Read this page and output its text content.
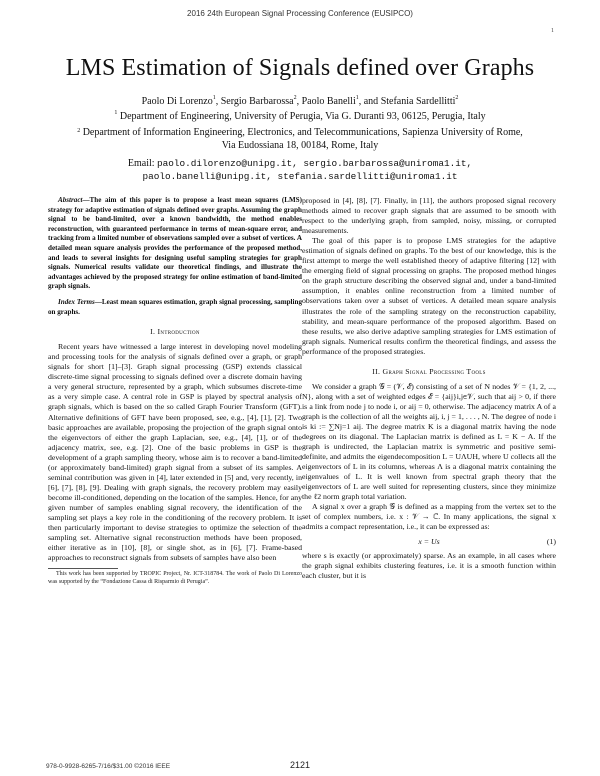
2016 24th European Signal Processing Conference (EUSIPCO)
1
LMS Estimation of Signals defined over Graphs
Paolo Di Lorenzo$^1$, Sergio Barbarossa$^2$, Paolo Banelli$^1$, and Stefania Sardellitti$^2$
$^1$ Department of Engineering, University of Perugia, Via G. Duranti 93, 06125, Perugia, Italy
$^2$ Department of Information Engineering, Electronics, and Telecommunications, Sapienza University of Rome,
Via Eudossiana 18, 00184, Rome, Italy
Email: paolo.dilorenzo@unipg.it, sergio.barbarossa@uniroma1.it,
paolo.banelli@unipg.it, stefania.sardellitti@uniroma1.it

Abstract—The aim of this paper is to propose a least mean squares (LMS) strategy for adaptive estimation of signals defined over graphs. Assuming the graph signal to be band-limited, over a known bandwidth, the method enables reconstruction, with guaranteed performance in terms of mean-square error, and tracking from a limited number of observations sampled over a subset of vertices. A detailed mean square analysis provides the performance of the proposed method, and leads to several insights for designing useful sampling strategies for graph signals. Numerical results validate our theoretical findings, and illustrate the advantages achieved by the proposed strategy for online estimation of band-limited graph signals.

Index Terms—Least mean squares estimation, graph signal processing, sampling on graphs.

I. Introduction

Recent years have witnessed a large interest in developing novel modeling and processing tools for the analysis of signals defined over a graph, or graph signals for short [1]–[3]. Graph signal processing (GSP) extends classical discrete-time signal processing to signals defined over a discrete domain having a very general structure, represented by a graph, which subsumes discrete-time as a very simple case. A central role in GSP is played by spectral analysis of graph signals, which is based on the so called Graph Fourier Transform (GFT). Alternative definitions of GFT have been proposed, see, e.g., [4], [1], [2]. Two basic approaches are available, proposing the projection of the graph signal onto the eigenvectors of either the graph Laplacian, see, e.g., [4], [1], or of the adjacency matrix, see, e.g. [2]. One of the basic problems in GSP is the development of a graph sampling theory, whose aim is to recover a band-limited (or approximately band-limited) graph signal from a subset of its samples. A seminal contribution was given in [4], later extended in [5] and, very recently, in [6], [7], [8], [9]. Dealing with graph signals, the recovery problem may easily become ill-conditioned, depending on the location of the samples. Hence, for any given number of samples enabling signal recovery, the identification of the sampling set plays a key role in the conditioning of the recovery problem. It is then particularly important to devise strategies to optimize the selection of the sampling set. Alternative signal reconstruction methods have been proposed, either iterative as in [10], [8], or single shot, as in [6], [7]. Frame-based approaches to reconstruct signals from subsets of samples have also been

This work has been supported by TROPIC Project, Nr. ICT-318784. The work of Paolo Di Lorenzo was supported by the “Fondazione Cassa di Risparmio di Perugia”.

proposed in [4], [8], [7]. Finally, in [11], the authors proposed signal recovery methods aimed to recover graph signals that are assumed to be smooth with respect to the underlying graph, from sampled, noisy, missing, or corrupted measurements.

The goal of this paper is to propose LMS strategies for the adaptive estimation of signals defined on graphs. To the best of our knowledge, this is the first attempt to merge the well established theory of adaptive filtering [12] with the emerging field of signal processing on graphs. The proposed method hinges on the graph structure describing the observed signal and, under a band-limited assumption, it enables online reconstruction from a limited number of observations taken over a subset of vertices. A detailed mean square analysis illustrates the role of the sampling strategy on the reconstruction capability, stability, and mean-square performance of the proposed algorithm. Based on these results, we also derive adaptive sampling strategies for LMS estimation of graph signals. Numerical results confirm the theoretical findings, and assess the performance of the proposed strategies.

II. Graph Signal Processing Tools

We consider a graph 𝒢 = (𝒱, ℰ) consisting of a set of N nodes 𝒱 = {1, 2, ..., N}, along with a set of weighted edges ℰ = {aij}i,j∈𝒱, such that aij > 0, if there is a link from node j to node i, or aij = 0, otherwise. The adjacency matrix A of a graph is the collection of all the weights aij, i, j = 1, . . . , N. The degree of node i is ki := ∑Nj=1 aij. The degree matrix K is a diagonal matrix having the node degrees on its diagonal. The Laplacian matrix is defined as L = K − A. If the graph is undirected, the Laplacian matrix is symmetric and positive semi-definite, and admits the eigendecomposition L = UΛUH, where U collects all the eigenvectors of L in its columns, whereas Λ is a diagonal matrix containing the eigenvalues of L. It is well known from spectral graph theory that the eigenvectors of L are well suited for representing clusters, since they minimize the ℓ2 norm graph total variation.

A signal x over a graph 𝒢 is defined as a mapping from the vertex set to the set of complex numbers, i.e. x : 𝒱 → ℂ. In many applications, the signal x admits a compact representation, i.e., it can be expressed as:

x = Us	(1)

where s is exactly (or approximately) sparse. As an example, in all cases where the graph signal exhibits clustering features, i.e. it is a smooth function within each cluster, but it is

978-0-9928-6265-7/16/$31.00 ©2016 IEEE	2121
